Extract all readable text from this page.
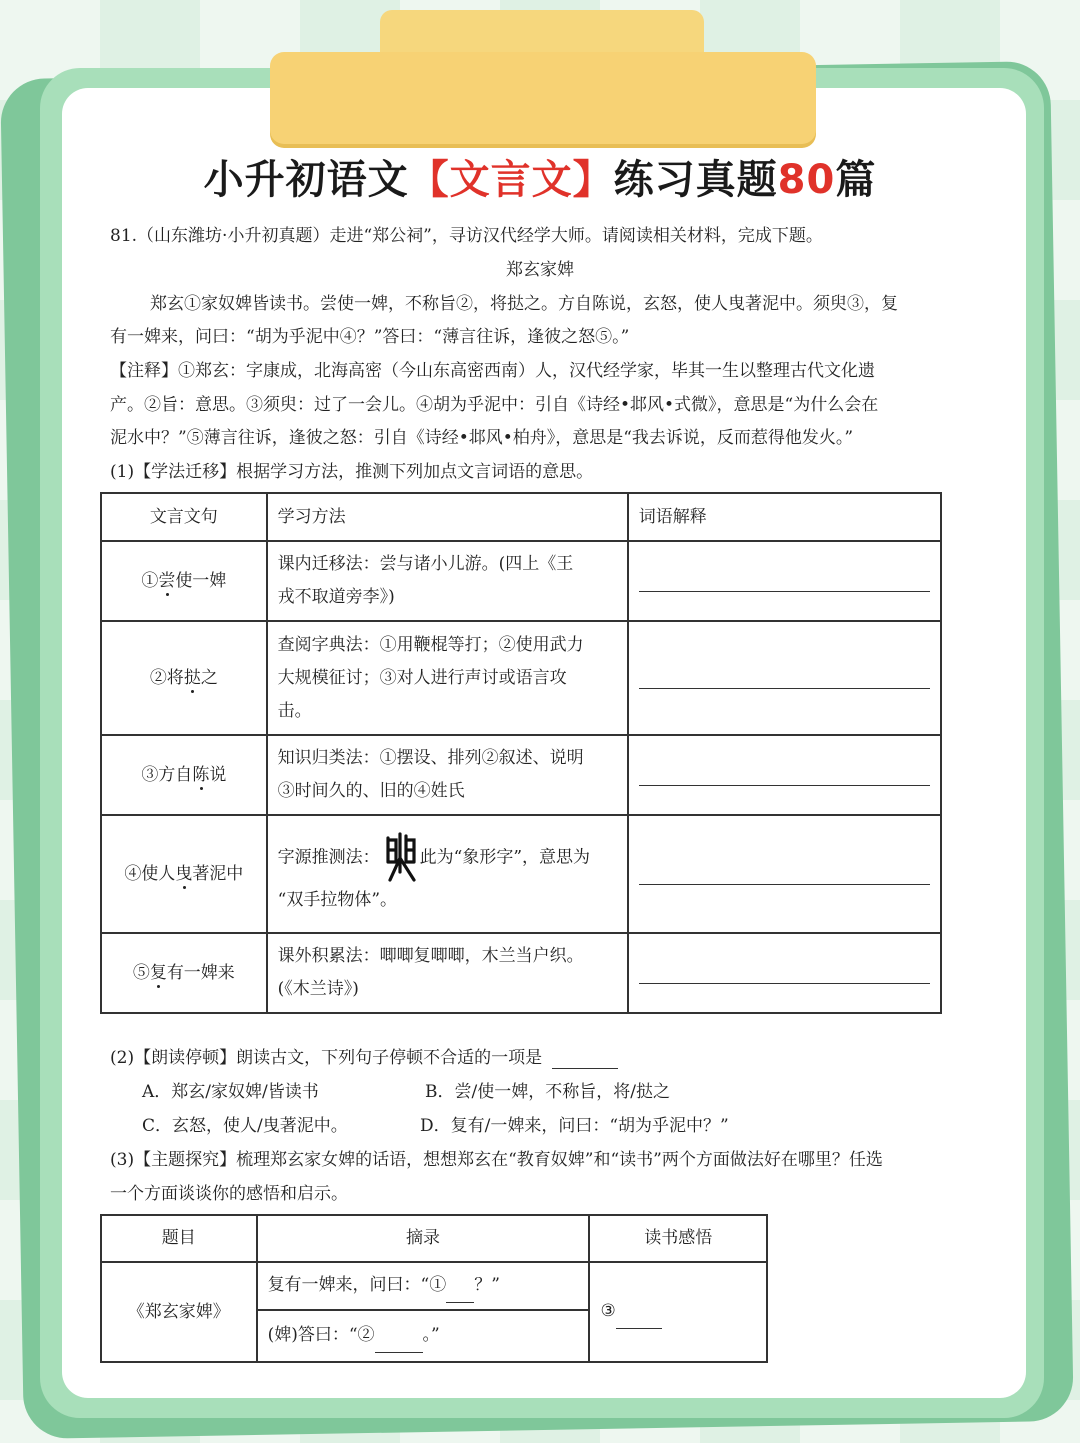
小升初语文【文言文】练习真题80篇
81.（山东潍坊·小升初真题）走进“郑公祠”，寻访汉代经学大师。请阅读相关材料，完成下题。
郑玄家婢
郑玄①家奴婢皆读书。尝使一婢，不称旨②，将挞之。方自陈说，玄怒，使人曳著泥中。须臾③，复
有一婢来，问曰：“胡为乎泥中④？”答曰：“薄言往诉，逢彼之怒⑤。”
【注释】①郑玄：字康成，北海高密（今山东高密西南）人，汉代经学家，毕其一生以整理古代文化遗
产。②旨：意思。③须臾：过了一会儿。④胡为乎泥中：引自《诗经•邶风•式微》，意思是“为什么会在
泥水中？”⑤薄言往诉，逢彼之怒：引自《诗经•邶风•柏舟》，意思是“我去诉说，反而惹得他发火。”
(1)【学法迁移】根据学习方法，推测下列加点文言词语的意思。
文言文句	学习方法	词语解释
①尝使一婢	课内迁移法：尝与诸小儿游。(四上《王
戎不取道旁李》)	

②将挞之	查阅字典法：①用鞭棍等打；②使用武力
大规模征讨；③对人进行声讨或语言攻
击。	

③方自陈说	知识归类法：①摆设、排列②叙述、说明
③时间久的、旧的④姓氏	

④使人曳著泥中	字源推测法： 此为“象形字”，意思为
“双手拉物体”。	

⑤复有一婢来	课外积累法：唧唧复唧唧，木兰当户织。
(《木兰诗》)	

(2)【朗读停顿】朗读古文，下列句子停顿不合适的一项是
A．郑玄/家奴婢/皆读书	B．尝/使一婢，不称旨，将/挞之
C．玄怒，使人/曳著泥中。	D．复有/一婢来，问曰：“胡为乎泥中？”
(3)【主题探究】梳理郑玄家女婢的话语，想想郑玄在“教育奴婢”和“读书”两个方面做法好在哪里？任选
一个方面谈谈你的感悟和启示。
题目	摘录	读书感悟
《郑玄家婢》	复有一婢来，问曰：“① ？”	③
	(婢)答曰：“② 。”	
